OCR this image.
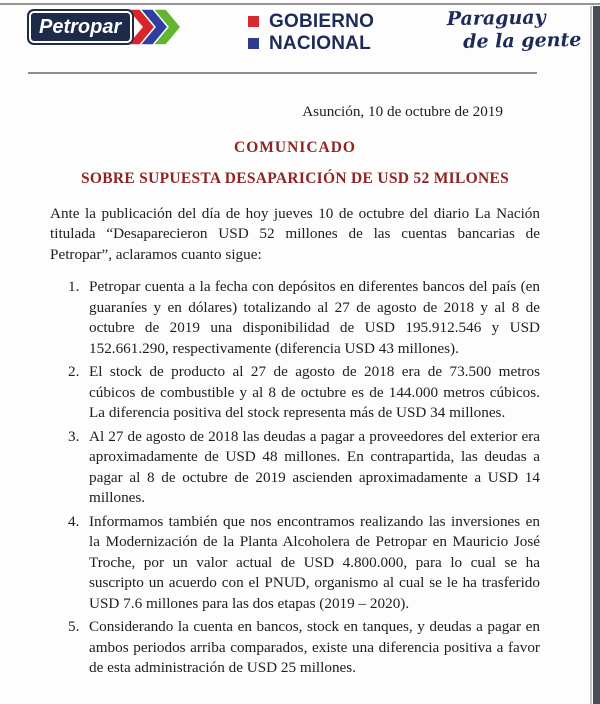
Petropar	GOBIERNO
NACIONAL
Paraguay
de la gente
Asunción, 10 de octubre de 2019
COMUNICADO
SOBRE SUPUESTA DESAPARICIÓN DE USD 52 MILONES
Ante la publicación del día de hoy jueves 10 de octubre del diario La Nación titulada “Desaparecieron USD 52 millones de las cuentas bancarias de Petropar”, aclaramos cuanto sigue:
1. Petropar cuenta a la fecha con depósitos en diferentes bancos del país (en guaraníes y en dólares) totalizando al 27 de agosto de 2018 y al 8 de octubre de 2019 una disponibilidad de USD 195.912.546 y USD 152.661.290, respectivamente (diferencia USD 43 millones).
2. El stock de producto al 27 de agosto de 2018 era de 73.500 metros cúbicos de combustible y al 8 de octubre es de 144.000 metros cúbicos. La diferencia positiva del stock representa más de USD 34 millones.
3. Al 27 de agosto de 2018 las deudas a pagar a proveedores del exterior era aproximadamente de USD 48 millones. En contrapartida, las deudas a pagar al 8 de octubre de 2019 ascienden aproximadamente a USD 14 millones.
4. Informamos también que nos encontramos realizando las inversiones en la Modernización de la Planta Alcoholera de Petropar en Mauricio José Troche, por un valor actual de USD 4.800.000, para lo cual se ha suscripto un acuerdo con el PNUD, organismo al cual se le ha trasferido USD 7.6 millones para las dos etapas (2019 – 2020).
5. Considerando la cuenta en bancos, stock en tanques, y deudas a pagar en ambos periodos arriba comparados, existe una diferencia positiva a favor de esta administración de USD 25 millones.
